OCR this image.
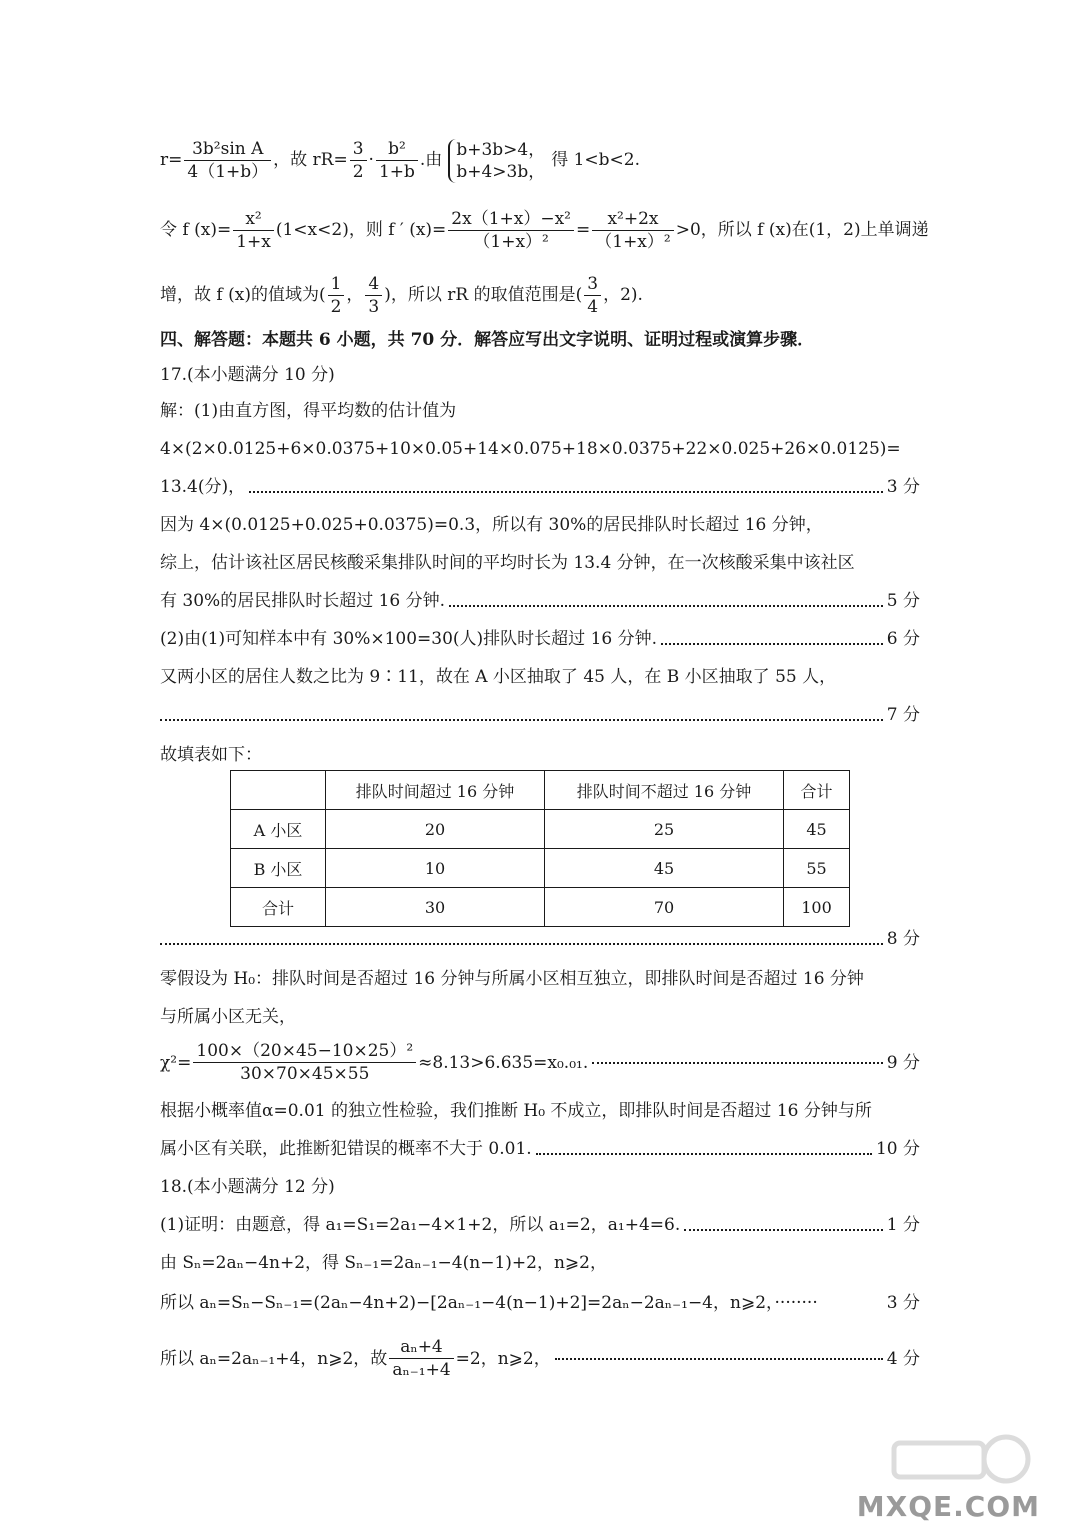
$r= \frac{\text{3b²sin A}}{4(1+b)}$ ，故 $rR= \frac{3}{2} \cdot \frac{\text{b²}}{1+b}$ .由
b+3b>4，
b+4>3b，
得 1<b<2.
令 f $(x)= \frac{\text{x²}}{1+x} (1<x<2)$，则 f ′ $(x)= \frac{\text{2x（1+x）−x²}}{\text{（1+x）²}} = \frac{\text{x²+2x}}{\text{（1+x）²}} >0$，所以 f (x)在(1，2)上单调递
增，故 f (x)的值域为( $\frac{1}{2}$ ， $\frac{4}{3}$ )，所以 rR 的取值范围是( $\frac{3}{4}$ ，2).
四、解答题：本题共 6 小题，共 70 分．解答应写出文字说明、证明过程或演算步骤．
17.(本小题满分 10 分)
解：(1)由直方图，得平均数的估计值为
4×(2×0.0125+6×0.0375+10×0.05+14×0.075+18×0.0375+22×0.025+26×0.0125)=
13.4(分)，	3 分
因为 4×(0.0125+0.025+0.0375)=0.3，所以有 30%的居民排队时长超过 16 分钟，
综上，估计该社区居民核酸采集排队时间的平均时长为 13.4 分钟，在一次核酸采集中该社区
有 30%的居民排队时长超过 16 分钟.	5 分
(2)由(1)可知样本中有 30%×100=30(人)排队时长超过 16 分钟.	6 分
又两小区的居住人数之比为 9∶11，故在 A 小区抽取了 45 人，在 B 小区抽取了 55 人，
7 分
故填表如下：
	排队时间超过 16 分钟	排队时间不超过 16 分钟	合计
A 小区	20	25	45
B 小区	10	45	55
合计	30	70	100
8 分
零假设为 H₀：排队时间是否超过 16 分钟与所属小区相互独立，即排队时间是否超过 16 分钟
与所属小区无关，
$\chi^2= \frac{\text{100×（20×45−10×25）²}}{30\times 70\times 45\times 55} \approx 8.13>6.635=x_0._{01}$.	9 分
根据小概率值α=0.01 的独立性检验，我们推断 H₀ 不成立，即排队时间是否超过 16 分钟与所
属小区有关联，此推断犯错误的概率不大于 0.01.	10 分
18.(本小题满分 12 分)
(1)证明：由题意，得 a₁=S₁=2a₁−4×1+2，所以 a₁=2，a₁+4=6.	1 分
由 Sₙ=2aₙ−4n+2，得 Sₙ₋₁=2aₙ₋₁−4(n−1)+2，n⩾2，
所以 aₙ=Sₙ−Sₙ₋₁=(2aₙ−4n+2)−[2aₙ₋₁−4(n−1)+2]=2aₙ−2aₙ₋₁−4，n⩾2，········	3 分
所以 aₙ=2aₙ₋₁+4，n⩾2，故 $\frac{\text{aₙ+4}}{\text{aₙ₋₁+4}} =2$，n⩾2，	4 分
MXQE.COM
